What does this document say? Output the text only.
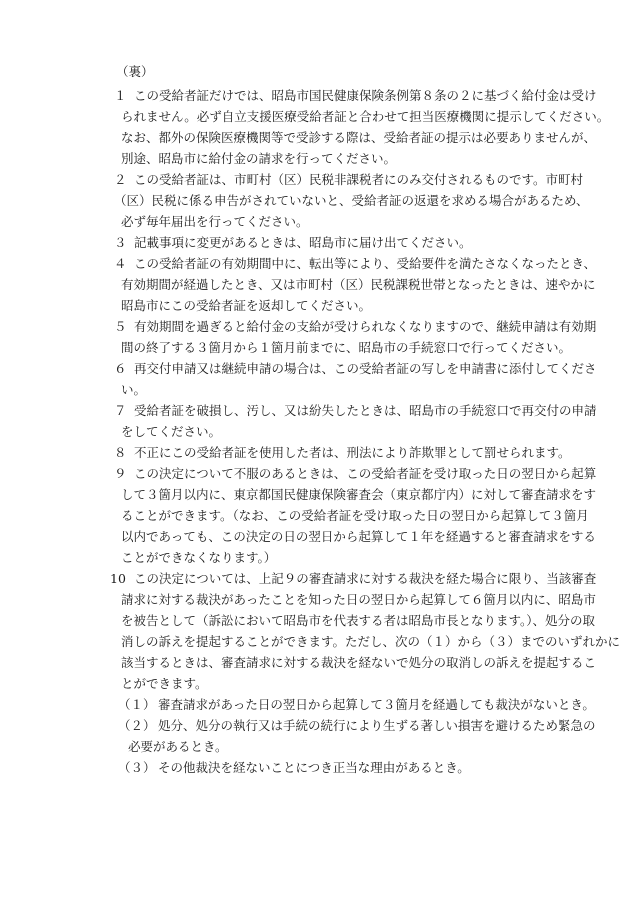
（裏）
１ この受給者証だけでは、昭島市国民健康保険条例第８条の２に基づく給付金は受け
られません。必ず自立支援医療受給者証と合わせて担当医療機関に提示してください。
なお、都外の保険医療機関等で受診する際は、受給者証の提示は必要ありませんが、
別途、昭島市に給付金の請求を行ってください。
２ この受給者証は、市町村（区）民税非課税者にのみ交付されるものです。市町村
（区）民税に係る申告がされていないと、受給者証の返還を求める場合があるため、
必ず毎年届出を行ってください。
３ 記載事項に変更があるときは、昭島市に届け出てください。
４ この受給者証の有効期間中に、転出等により、受給要件を満たさなくなったとき、
有効期間が経過したとき、又は市町村（区）民税課税世帯となったときは、速やかに
昭島市にこの受給者証を返却してください。
５ 有効期間を過ぎると給付金の支給が受けられなくなりますので、継続申請は有効期
間の終了する３箇月から１箇月前までに、昭島市の手続窓口で行ってください。
６ 再交付申請又は継続申請の場合は、この受給者証の写しを申請書に添付してくださ
い。
７ 受給者証を破損し、汚し、又は紛失したときは、昭島市の手続窓口で再交付の申請
をしてください。
８ 不正にこの受給者証を使用した者は、刑法により詐欺罪として罰せられます。
９ この決定について不服のあるときは、この受給者証を受け取った日の翌日から起算
して３箇月以内に、東京都国民健康保険審査会（東京都庁内）に対して審査請求をす
ることができます。（なお、この受給者証を受け取った日の翌日から起算して３箇月
以内であっても、この決定の日の翌日から起算して１年を経過すると審査請求をする
ことができなくなります。）
10 この決定については、上記９の審査請求に対する裁決を経た場合に限り、当該審査
請求に対する裁決があったことを知った日の翌日から起算して６箇月以内に、昭島市
を被告として（訴訟において昭島市を代表する者は昭島市長となります。）、処分の取
消しの訴えを提起することができます。ただし、次の（１）から（３）までのいずれかに
該当するときは、審査請求に対する裁決を経ないで処分の取消しの訴えを提起するこ
とができます。
（１） 審査請求があった日の翌日から起算して３箇月を経過しても裁決がないとき。
（２） 処分、処分の執行又は手続の続行により生ずる著しい損害を避けるため緊急の
必要があるとき。
（３） その他裁決を経ないことにつき正当な理由があるとき。
